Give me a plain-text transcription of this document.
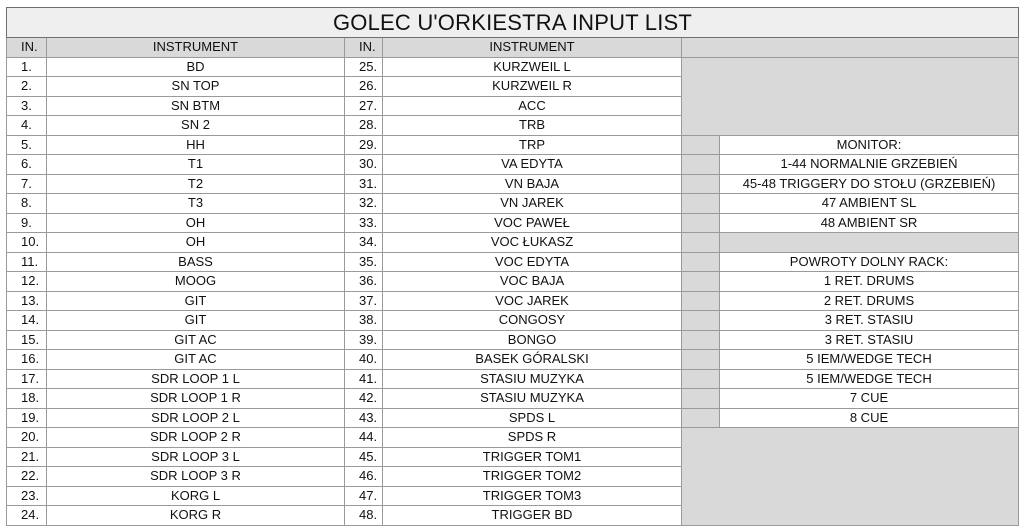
GOLEC U'ORKIESTRA INPUT LIST					
IN.	INSTRUMENT	IN.	INSTRUMENT		
1.	BD	25.	KURZWEIL L		
2.	SN TOP	26.	KURZWEIL R		
3.	SN BTM	27.	ACC		
4.	SN 2	28.	TRB		
5.	HH	29.	TRP		MONITOR:
6.	T1	30.	VA EDYTA		1-44 NORMALNIE GRZEBIEŃ
7.	T2	31.	VN BAJA		45-48 TRIGGERY DO STOŁU (GRZEBIEŃ)
8.	T3	32.	VN JAREK		47 AMBIENT SL
9.	OH	33.	VOC PAWEŁ		48 AMBIENT SR
10.	OH	34.	VOC ŁUKASZ		
11.	BASS	35.	VOC EDYTA		POWROTY DOLNY RACK:
12.	MOOG	36.	VOC BAJA		1 RET. DRUMS
13.	GIT	37.	VOC JAREK		2 RET. DRUMS
14.	GIT	38.	CONGOSY		3 RET. STASIU
15.	GIT AC	39.	BONGO		3 RET. STASIU
16.	GIT AC	40.	BASEK GÓRALSKI		5 IEM/WEDGE TECH
17.	SDR LOOP 1 L	41.	STASIU MUZYKA		5 IEM/WEDGE TECH
18.	SDR LOOP 1 R	42.	STASIU MUZYKA		7 CUE
19.	SDR LOOP 2 L	43.	SPDS L		8 CUE
20.	SDR LOOP 2 R	44.	SPDS R		
21.	SDR LOOP 3 L	45.	TRIGGER TOM1		
22.	SDR LOOP 3 R	46.	TRIGGER TOM2		
23.	KORG L	47.	TRIGGER TOM3		
24.	KORG R	48.	TRIGGER BD		
